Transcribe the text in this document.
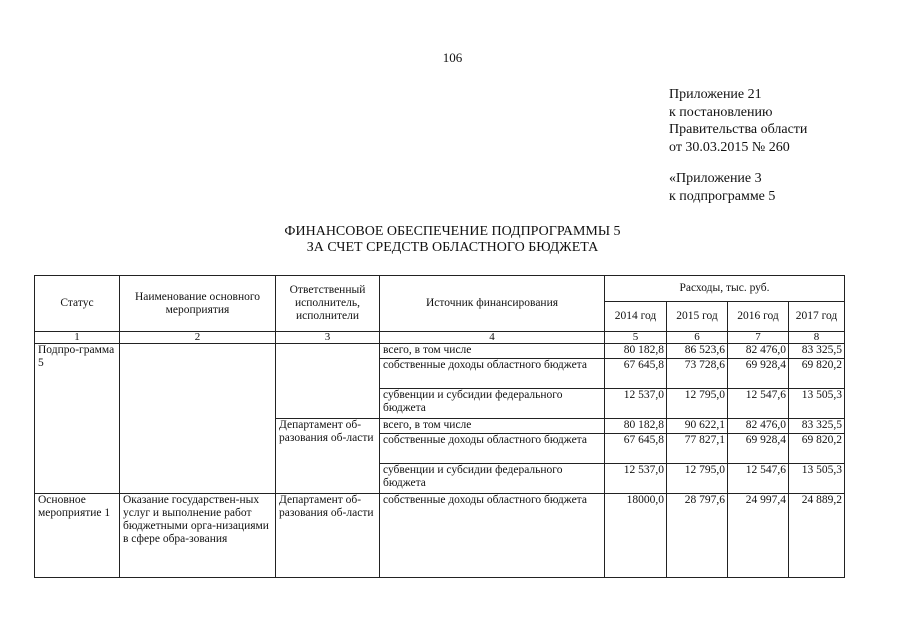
106
Приложение 21
к постановлению
Правительства области
от 30.03.2015 № 260
«Приложение 3
к подпрограмме 5
ФИНАНСОВОЕ ОБЕСПЕЧЕНИЕ ПОДПРОГРАММЫ 5
ЗА СЧЕТ СРЕДСТВ ОБЛАСТНОГО БЮДЖЕТА
Статус	Наименование основного мероприятия	Ответственный исполнитель, исполнители	Источник финансирования	Расходы, тыс. руб.			
				2014 год	2015 год	2016 год	2017 год
1	2	3	4	5	6	7	8
Подпро-грамма 5			всего, в том числе	80 182,8	86 523,6	82 476,0	83 325,5
			собственные доходы областного бюджета	67 645,8	73 728,6	69 928,4	69 820,2
			субвенции и субсидии федерального бюджета	12 537,0	12 795,0	12 547,6	13 505,3
		Департамент об-разования об-ласти	всего, в том числе	80 182,8	90 622,1	82 476,0	83 325,5
			собственные доходы областного бюджета	67 645,8	77 827,1	69 928,4	69 820,2
			субвенции и субсидии федерального бюджета	12 537,0	12 795,0	12 547,6	13 505,3
Основное мероприятие 1	Оказание государствен-ных услуг и выполнение работ бюджетными орга-низациями в сфере обра-зования	Департамент об-разования об-ласти	собственные доходы областного бюджета	18000,0	28 797,6	24 997,4	24 889,2
